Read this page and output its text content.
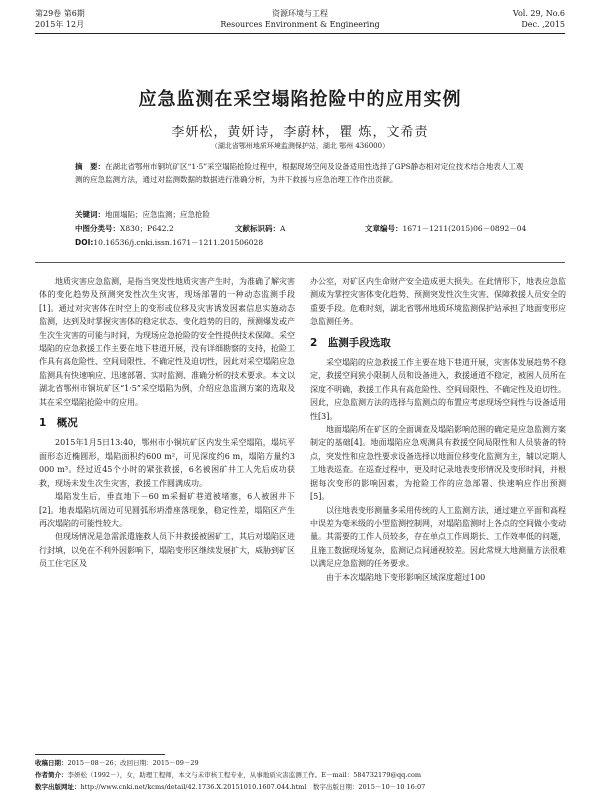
第29卷 第6期
2015年 12月
资源环境与工程
Resources Environment & Engineering
Vol. 29, No.6
Dec. ,2015
应急监测在采空塌陷抢险中的应用实例
李妍松，黄妍诗，李蔚林，瞿 炼，文希责
（湖北省鄂州地质环境监测保护站，湖北 鄂州 436000）
摘　要：在湖北省鄂州市铜坑矿区“1·5”采空塌陷抢险过程中，根据现场空间及设备适用性选择了GPS静态相对定位技术结合地表人工观测的应急监测方法，通过对监测数据的数据进行准确分析，为井下救援与应急治理工作作出贡献。
关键词：地面塌陷；应急监测；应急抢险
中图分类号：X830；P642.2	文献标识码：A	文章编号：1671－1211(2015)06－0892－04
DOI:10.16536/j.cnki.issn.1671－1211.201506028

地质灾害应急监测，是指当突发性地质灾害产生时，为准确了解灾害体的变化趋势及预测突发性次生灾害，现场部署的一种动态监测手段[1]。通过对灾害体在时空上的变形或位移及灾害诱发因素信息实施动态监测，达到及时掌握灾害体的稳定状态、变化趋势的目的，预测爆发或产生次生灾害的可能与时间，为现场应急抢险的安全性提供技术保障。采空塌陷的应急救援工作主要在地下巷道开展，没有详细勘察的支持，抢险工作具有高危险性、空间局限性、不确定性及迫切性，因此对采空塌陷应急监测具有快速响应、迅速部署、实时监测、准确分析的技术要求。本文以湖北省鄂州市铜坑矿区“1·5”采空塌陷为例，介绍应急监测方案的选取及其在采空塌陷抢险中的应用。

1　概况

2015年1月5日13:40，鄂州市小铜坑矿区内发生采空塌陷，塌坑平面形态近椭圆形，塌陷面积约600 m²，可见深度约6 m，塌陷方量约3 000 m³。经过近45个小时的紧张救援，6名被困矿井工人先后成功获救，现场未发生次生灾害，救援工作圆满成功。

塌陷发生后，垂直地下－60 m采掘矿巷道被堵塞，6人被困井下[2]。地表塌陷坑周边可见圆弧形坍滑座落现象，稳定性差，塌陷区产生再次塌陷的可能性较大。

但现场情况是急需派遣施救人员下井救援被困矿工，其后对塌陷区进行封填，以免在不利外因影响下，塌陷变形区继续发展扩大，威胁到矿区员工住宅区及

办公室，对矿区内生命财产安全造成更大损失。在此情形下，地表应急监测成为掌控灾害体变化趋势、预测突发性次生灾害、保障救援人员安全的重要手段。危难时刻，湖北省鄂州地质环境监测保护站承担了地面变形应急监测任务。

2　监测手段选取

采空塌陷的应急救援工作主要在地下巷道开展，灾害体发展趋势不稳定，救援空间狭小限制人员和设备进入，救援通道不稳定，被困人员所在深度不明确，救援工作具有高危险性、空间局限性、不确定性及迫切性。因此，应急监测方法的选择与监测点的布置应考虑现场空间性与设备适用性[3]。

地面塌陷所在矿区的全面调查及塌陷影响范围的确定是应急监测方案制定的基础[4]。地面塌陷应急观测具有救援空间局限性和人员装备的特点，突发性和应急性要求设备选择以地面位移变化监测为主，辅以定期人工地表巡查。在巡查过程中，更及时记录地表变形情况及变形时间，并根据每次变形的影响因素，为抢险工作的应急部署、快速响应作出预测[5]。

以往地表变形测量多采用传统的人工监测方法，通过建立平面和高程中误差为毫米级的小型监测控制网，对塌陷监测时上各点的空间做小变动量。其需要的工作人员较多，存在单点工作周期长、工作效率低的问题，且施工数据现场复杂，监测记点间通视较差。因此常规大地测量方法很难以满足应急监测的任务要求。

由于本次塌陷地下变形影响区域深度超过100

收稿日期：2015－08－26；改回日期：2015－09－29
作者简介：李妍松（1992－），女，助理工程师，本文与未审核工程专业，从事地质灾害监测工作。E－mail：584732179@qq.com
数字出版网址：http://www.cnki.net/kcms/detail/42.1736.X.20151010.1607.044.html　数字出版日期：2015－10－10 16:07
